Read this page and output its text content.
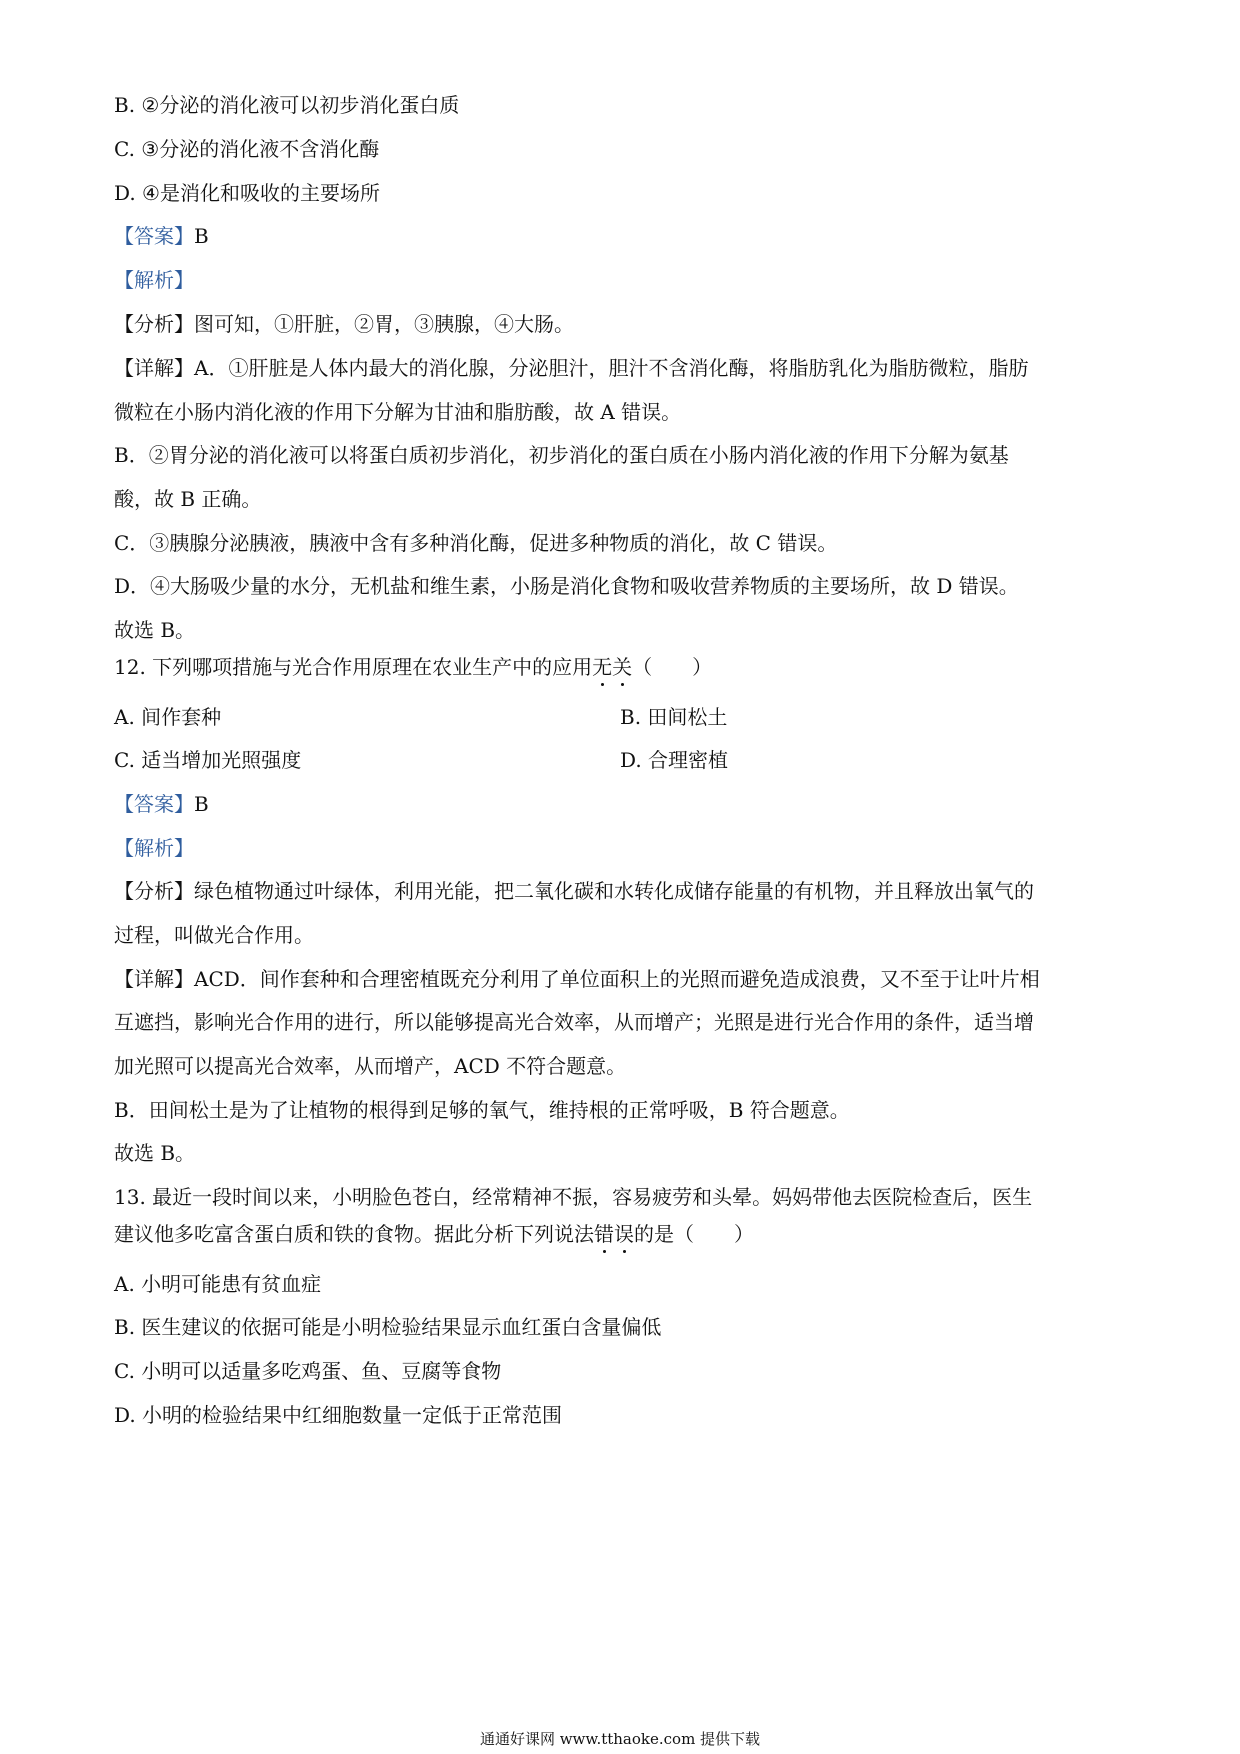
B. ②分泌的消化液可以初步消化蛋白质
C. ③分泌的消化液不含消化酶
D. ④是消化和吸收的主要场所
【答案】B
【解析】
【分析】图可知，①肝脏，②胃，③胰腺，④大肠。
【详解】A．①肝脏是人体内最大的消化腺，分泌胆汁，胆汁不含消化酶，将脂肪乳化为脂肪微粒，脂肪
微粒在小肠内消化液的作用下分解为甘油和脂肪酸，故 A 错误。
B．②胃分泌的消化液可以将蛋白质初步消化，初步消化的蛋白质在小肠内消化液的作用下分解为氨基
酸，故 B 正确。
C．③胰腺分泌胰液，胰液中含有多种消化酶，促进多种物质的消化，故 C 错误。
D．④大肠吸少量的水分，无机盐和维生素，小肠是消化食物和吸收营养物质的主要场所，故 D 错误。
故选 B。
12. 下列哪项措施与光合作用原理在农业生产中的应用无关（　　）
A. 间作套种	B. 田间松土
C. 适当增加光照强度	D. 合理密植
【答案】B
【解析】
【分析】绿色植物通过叶绿体，利用光能，把二氧化碳和水转化成储存能量的有机物，并且释放出氧气的
过程，叫做光合作用。
【详解】ACD．间作套种和合理密植既充分利用了单位面积上的光照而避免造成浪费，又不至于让叶片相
互遮挡，影响光合作用的进行，所以能够提高光合效率，从而增产；光照是进行光合作用的条件，适当增
加光照可以提高光合效率，从而增产，ACD 不符合题意。
B．田间松土是为了让植物的根得到足够的氧气，维持根的正常呼吸，B 符合题意。
故选 B。
13. 最近一段时间以来，小明脸色苍白，经常精神不振，容易疲劳和头晕。妈妈带他去医院检查后，医生
建议他多吃富含蛋白质和铁的食物。据此分析下列说法错误的是（　　）
A. 小明可能患有贫血症
B. 医生建议的依据可能是小明检验结果显示血红蛋白含量偏低
C. 小明可以适量多吃鸡蛋、鱼、豆腐等食物
D. 小明的检验结果中红细胞数量一定低于正常范围
通通好课网 www.tthaoke.com 提供下载
